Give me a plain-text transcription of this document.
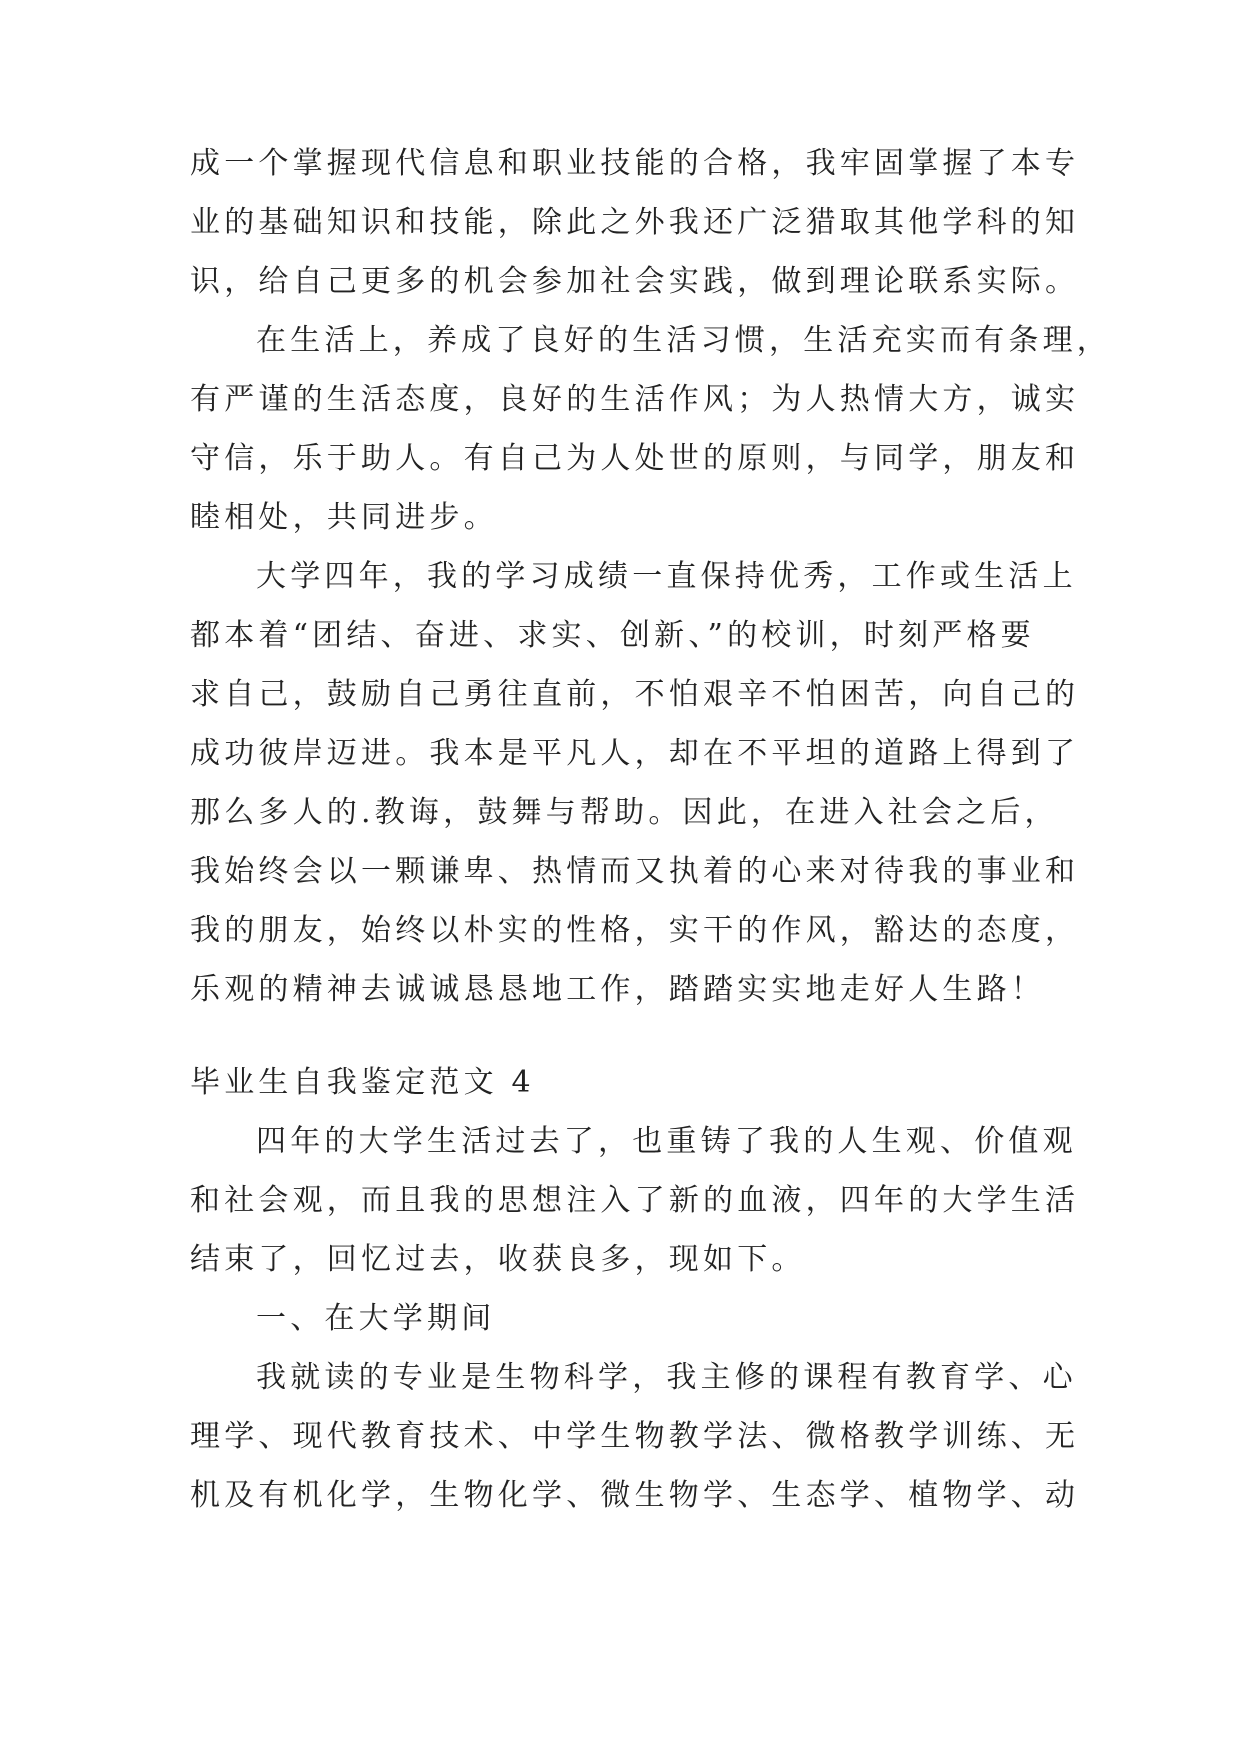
成一个掌握现代信息和职业技能的合格，我牢固掌握了本专
业的基础知识和技能，除此之外我还广泛猎取其他学科的知
识，给自己更多的机会参加社会实践，做到理论联系实际。
在生活上，养成了良好的生活习惯，生活充实而有条理，
有严谨的生活态度，良好的生活作风；为人热情大方，诚实
守信，乐于助人。有自己为人处世的原则，与同学，朋友和
睦相处，共同进步。
大学四年，我的学习成绩一直保持优秀，工作或生活上
都本着“团结、奋进、求实、创新、”的校训，时刻严格要
求自己，鼓励自己勇往直前，不怕艰辛不怕困苦，向自己的
成功彼岸迈进。我本是平凡人，却在不平坦的道路上得到了
那么多人的.教诲，鼓舞与帮助。因此，在进入社会之后，
我始终会以一颗谦卑、热情而又执着的心来对待我的事业和
我的朋友，始终以朴实的性格，实干的作风，豁达的态度，
乐观的精神去诚诚恳恳地工作，踏踏实实地走好人生路！
毕业生自我鉴定范文 4
四年的大学生活过去了，也重铸了我的人生观、价值观
和社会观，而且我的思想注入了新的血液，四年的大学生活
结束了，回忆过去，收获良多，现如下。
一、在大学期间
我就读的专业是生物科学，我主修的课程有教育学、心
理学、现代教育技术、中学生物教学法、微格教学训练、无
机及有机化学，生物化学、微生物学、生态学、植物学、动
